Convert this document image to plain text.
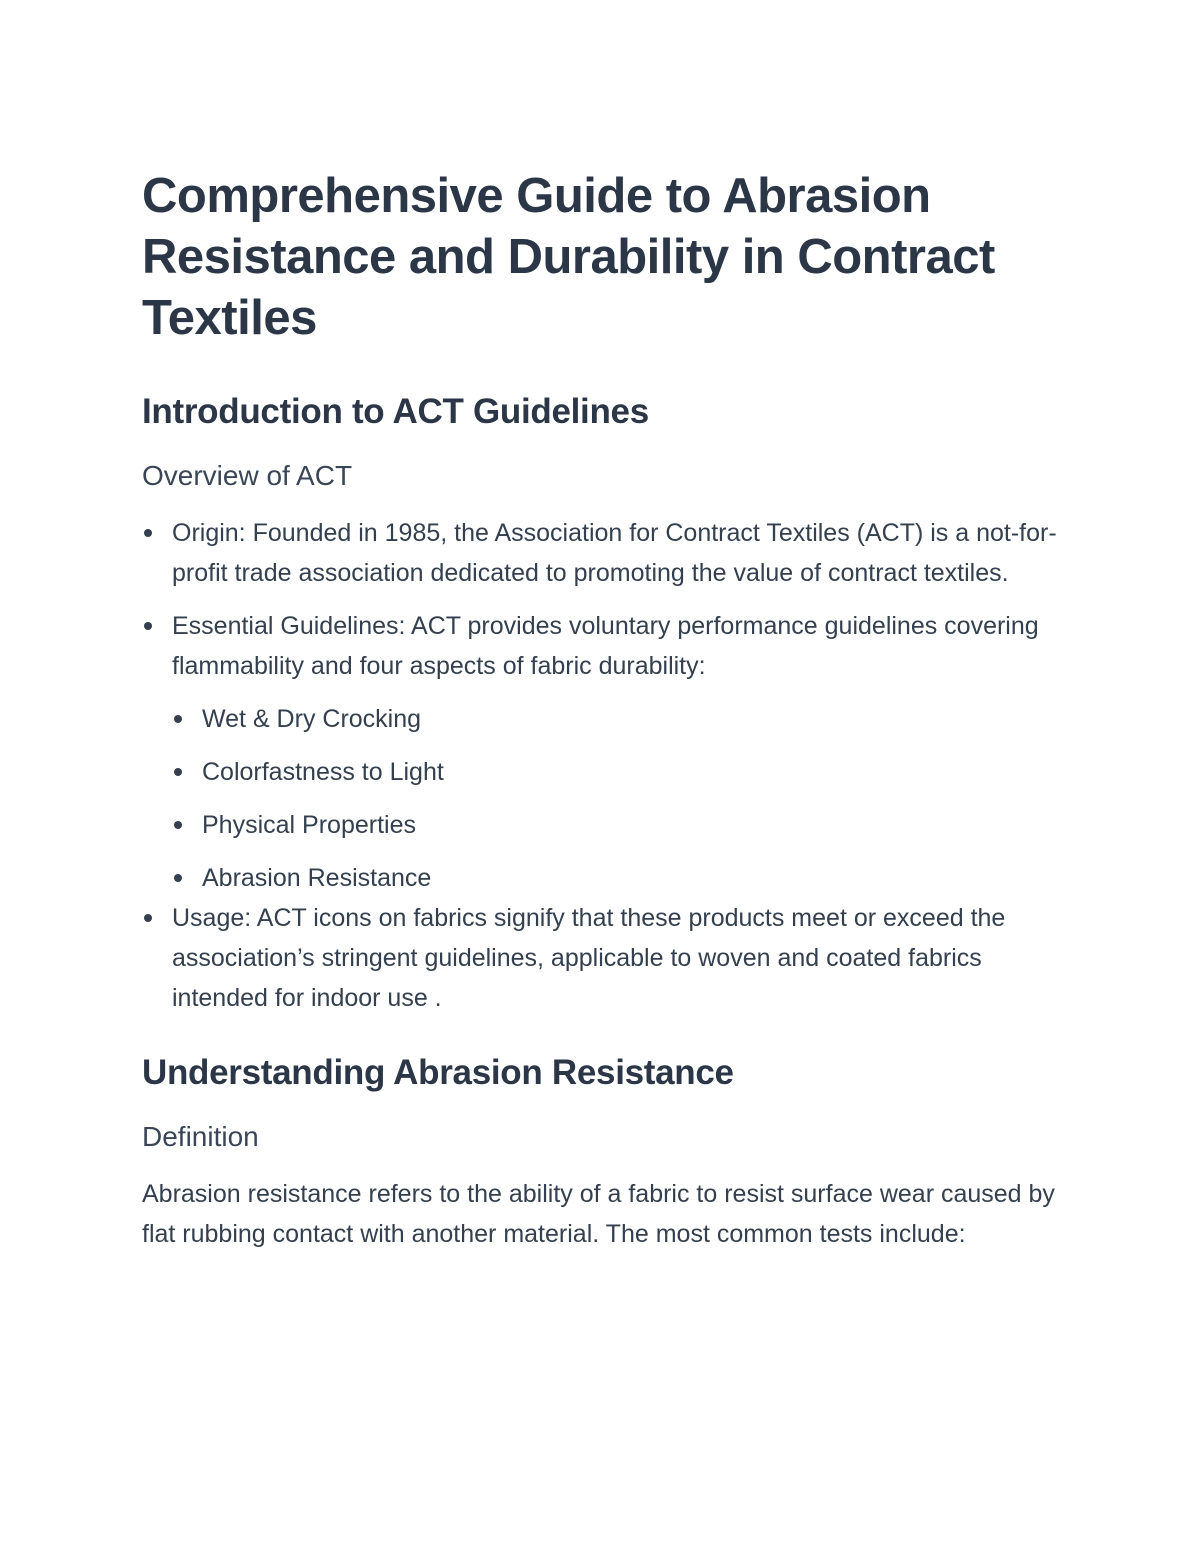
Comprehensive Guide to Abrasion Resistance and Durability in Contract Textiles
Introduction to ACT Guidelines
Overview of ACT
Origin: Founded in 1985, the Association for Contract Textiles (ACT) is a not-for-profit trade association dedicated to promoting the value of contract textiles.
Essential Guidelines: ACT provides voluntary performance guidelines covering flammability and four aspects of fabric durability:
Wet & Dry Crocking
Colorfastness to Light
Physical Properties
Abrasion Resistance
Usage: ACT icons on fabrics signify that these products meet or exceed the association’s stringent guidelines, applicable to woven and coated fabrics intended for indoor use .
Understanding Abrasion Resistance
Definition

Abrasion resistance refers to the ability of a fabric to resist surface wear caused by flat rubbing contact with another material. The most common tests include:
